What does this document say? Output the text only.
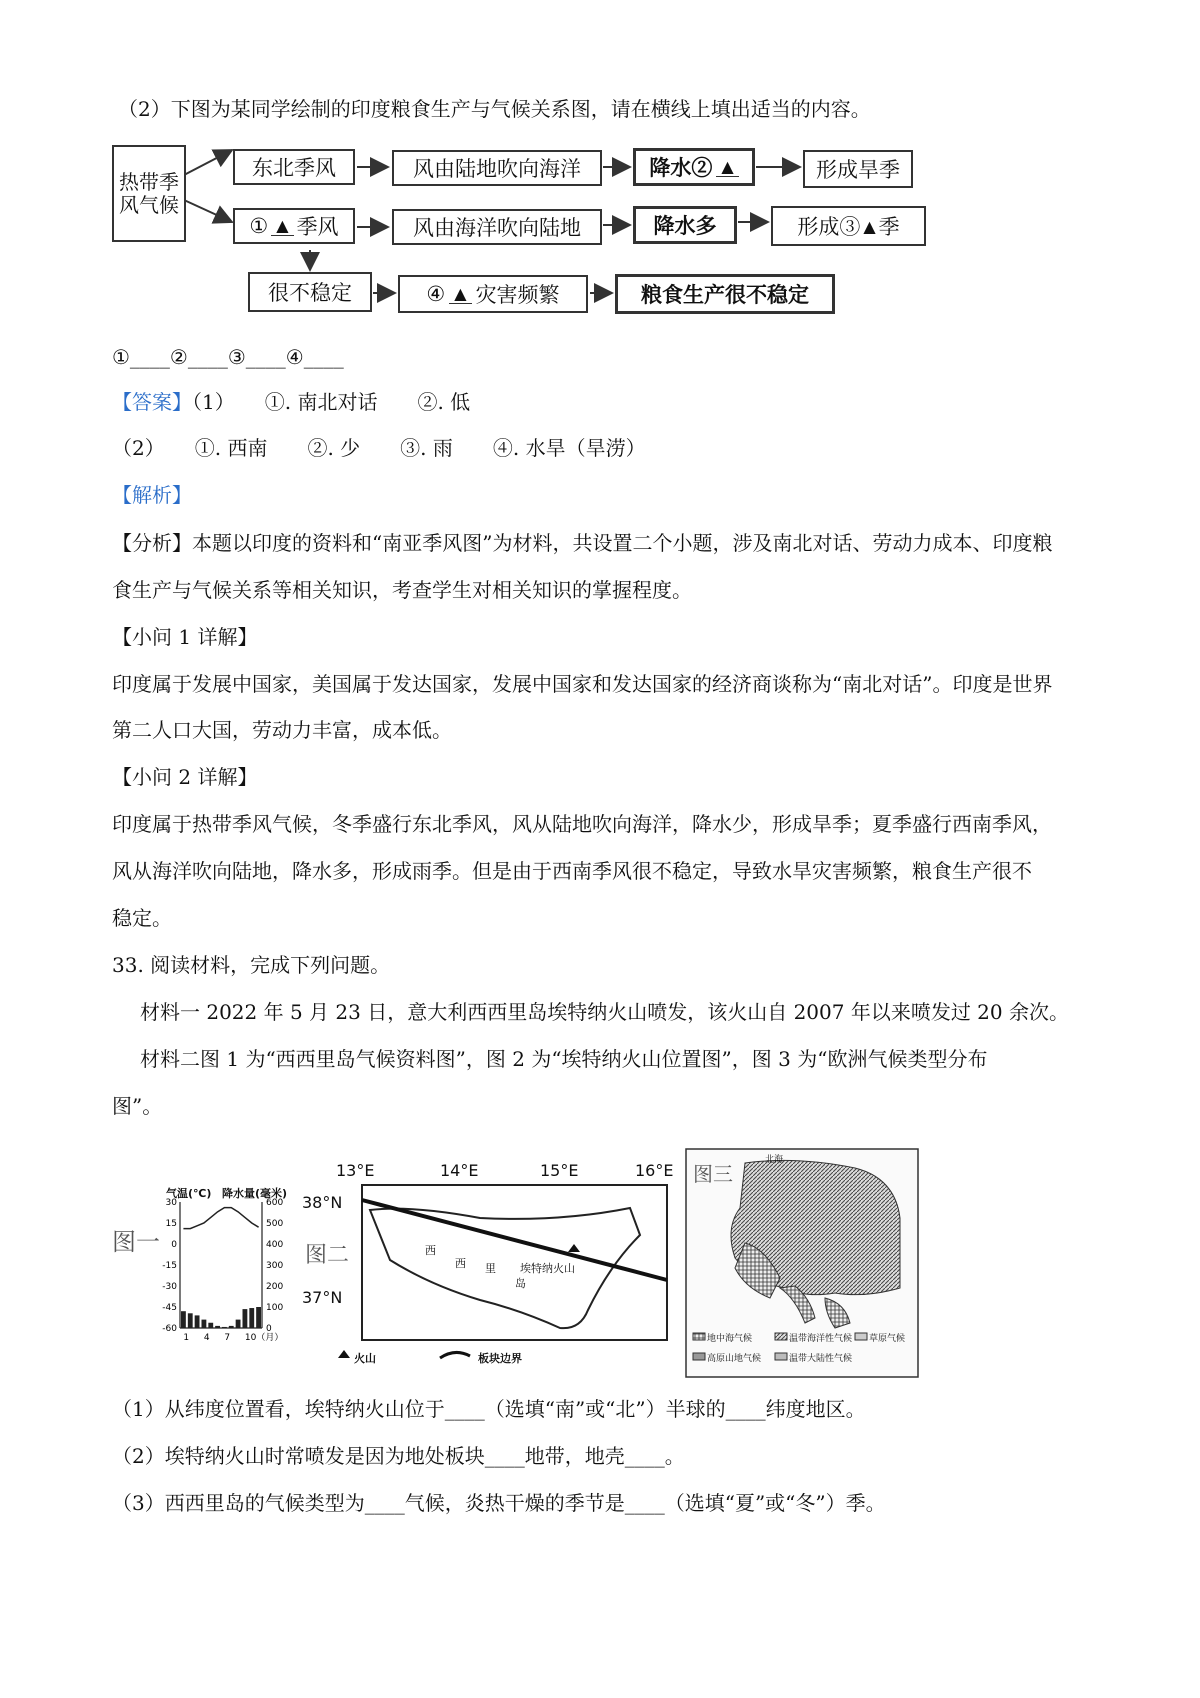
（2）下图为某同学绘制的印度粮食生产与气候关系图，请在横线上填出适当的内容。
热带季风气候
东北季风	风由陆地吹向海洋	降水② ▲	形成旱季
① ▲ 季风	风由海洋吹向陆地	降水多	形成③ ▲ 季
很不稳定	④ ▲ 灾害频繁	粮食生产很不稳定
①____②____③____④____
【答案】（1）　　①. 南北对话　　②. 低
（2）　　①. 西南　　②. 少　　③. 雨　　④. 水旱（旱涝）
【解析】
【分析】本题以印度的资料和“南亚季风图”为材料，共设置二个小题，涉及南北对话、劳动力成本、印度粮
食生产与气候关系等相关知识，考查学生对相关知识的掌握程度。
【小问 1 详解】
印度属于发展中国家，美国属于发达国家，发展中国家和发达国家的经济商谈称为“南北对话”。印度是世界
第二人口大国，劳动力丰富，成本低。
【小问 2 详解】
印度属于热带季风气候，冬季盛行东北季风，风从陆地吹向海洋，降水少，形成旱季；夏季盛行西南季风，
风从海洋吹向陆地，降水多，形成雨季。但是由于西南季风很不稳定，导致水旱灾害频繁，粮食生产很不
稳定。
33. 阅读材料，完成下列问题。
材料一 2022 年 5 月 23 日，意大利西西里岛埃特纳火山喷发，该火山自 2007 年以来喷发过 20 余次。
材料二图 1 为“西西里岛气候资料图”，图 2 为“埃特纳火山位置图”，图 3 为“欧洲气候类型分布
图”。
图一
气温(℃) 降水量(毫米)
30
15
0
-15
-30
-45
-60
600
500
400
300
200
100
0
1 4 7 10（月）
13°E	14°E	15°E	16°E
38°N
37°N
图二	西
西 里
岛
埃特纳火山
火山	板块边界
图三
北海
地中海气候	温带海洋性气候 草原气候
高原山地气候	温带大陆性气候
（1）从纬度位置看，埃特纳火山位于____（选填“南”或“北”）半球的____纬度地区。
（2）埃特纳火山时常喷发是因为地处板块____地带，地壳____。
（3）西西里岛的气候类型为____气候，炎热干燥的季节是____（选填“夏”或“冬”）季。
